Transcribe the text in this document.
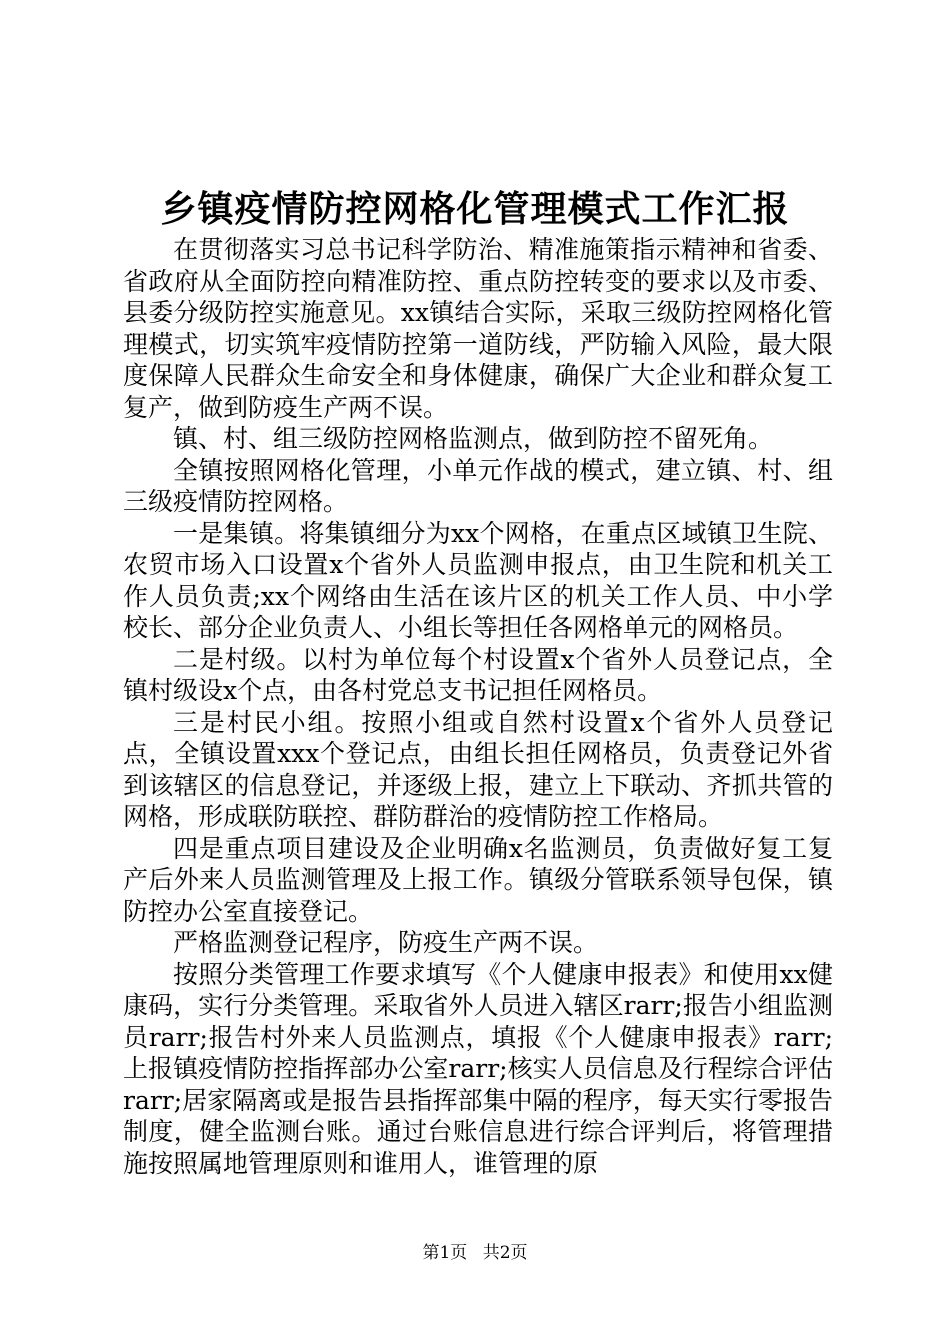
乡镇疫情防控网格化管理模式工作汇报

在贯彻落实习总书记科学防治、精准施策指示精神和省委、省政府从全面防控向精准防控、重点防控转变的要求以及市委、县委分级防控实施意见。xx镇结合实际，采取三级防控网格化管理模式，切实筑牢疫情防控第一道防线，严防输入风险，最大限度保障人民群众生命安全和身体健康，确保广大企业和群众复工复产，做到防疫生产两不误。

镇、村、组三级防控网格监测点，做到防控不留死角。

全镇按照网格化管理，小单元作战的模式，建立镇、村、组三级疫情防控网格。

一是集镇。将集镇细分为xx个网格，在重点区域镇卫生院、农贸市场入口设置x个省外人员监测申报点，由卫生院和机关工作人员负责;xx个网络由生活在该片区的机关工作人员、中小学校长、部分企业负责人、小组长等担任各网格单元的网格员。

二是村级。以村为单位每个村设置x个省外人员登记点，全镇村级设x个点，由各村党总支书记担任网格员。

三是村民小组。按照小组或自然村设置x个省外人员登记点，全镇设置xxx个登记点，由组长担任网格员，负责登记外省到该辖区的信息登记，并逐级上报，建立上下联动、齐抓共管的网格，形成联防联控、群防群治的疫情防控工作格局。

四是重点项目建设及企业明确x名监测员，负责做好复工复产后外来人员监测管理及上报工作。镇级分管联系领导包保，镇防控办公室直接登记。

严格监测登记程序，防疫生产两不误。

按照分类管理工作要求填写《个人健康申报表》和使用xx健康码，实行分类管理。采取省外人员进入辖区rarr;报告小组监测员rarr;报告村外来人员监测点，填报《个人健康申报表》rarr;上报镇疫情防控指挥部办公室rarr;核实人员信息及行程综合评估rarr;居家隔离或是报告县指挥部集中隔的程序，每天实行零报告制度，健全监测台账。通过台账信息进行综合评判后，将管理措施按照属地管理原则和谁用人，谁管理的原

第1页 共2页
